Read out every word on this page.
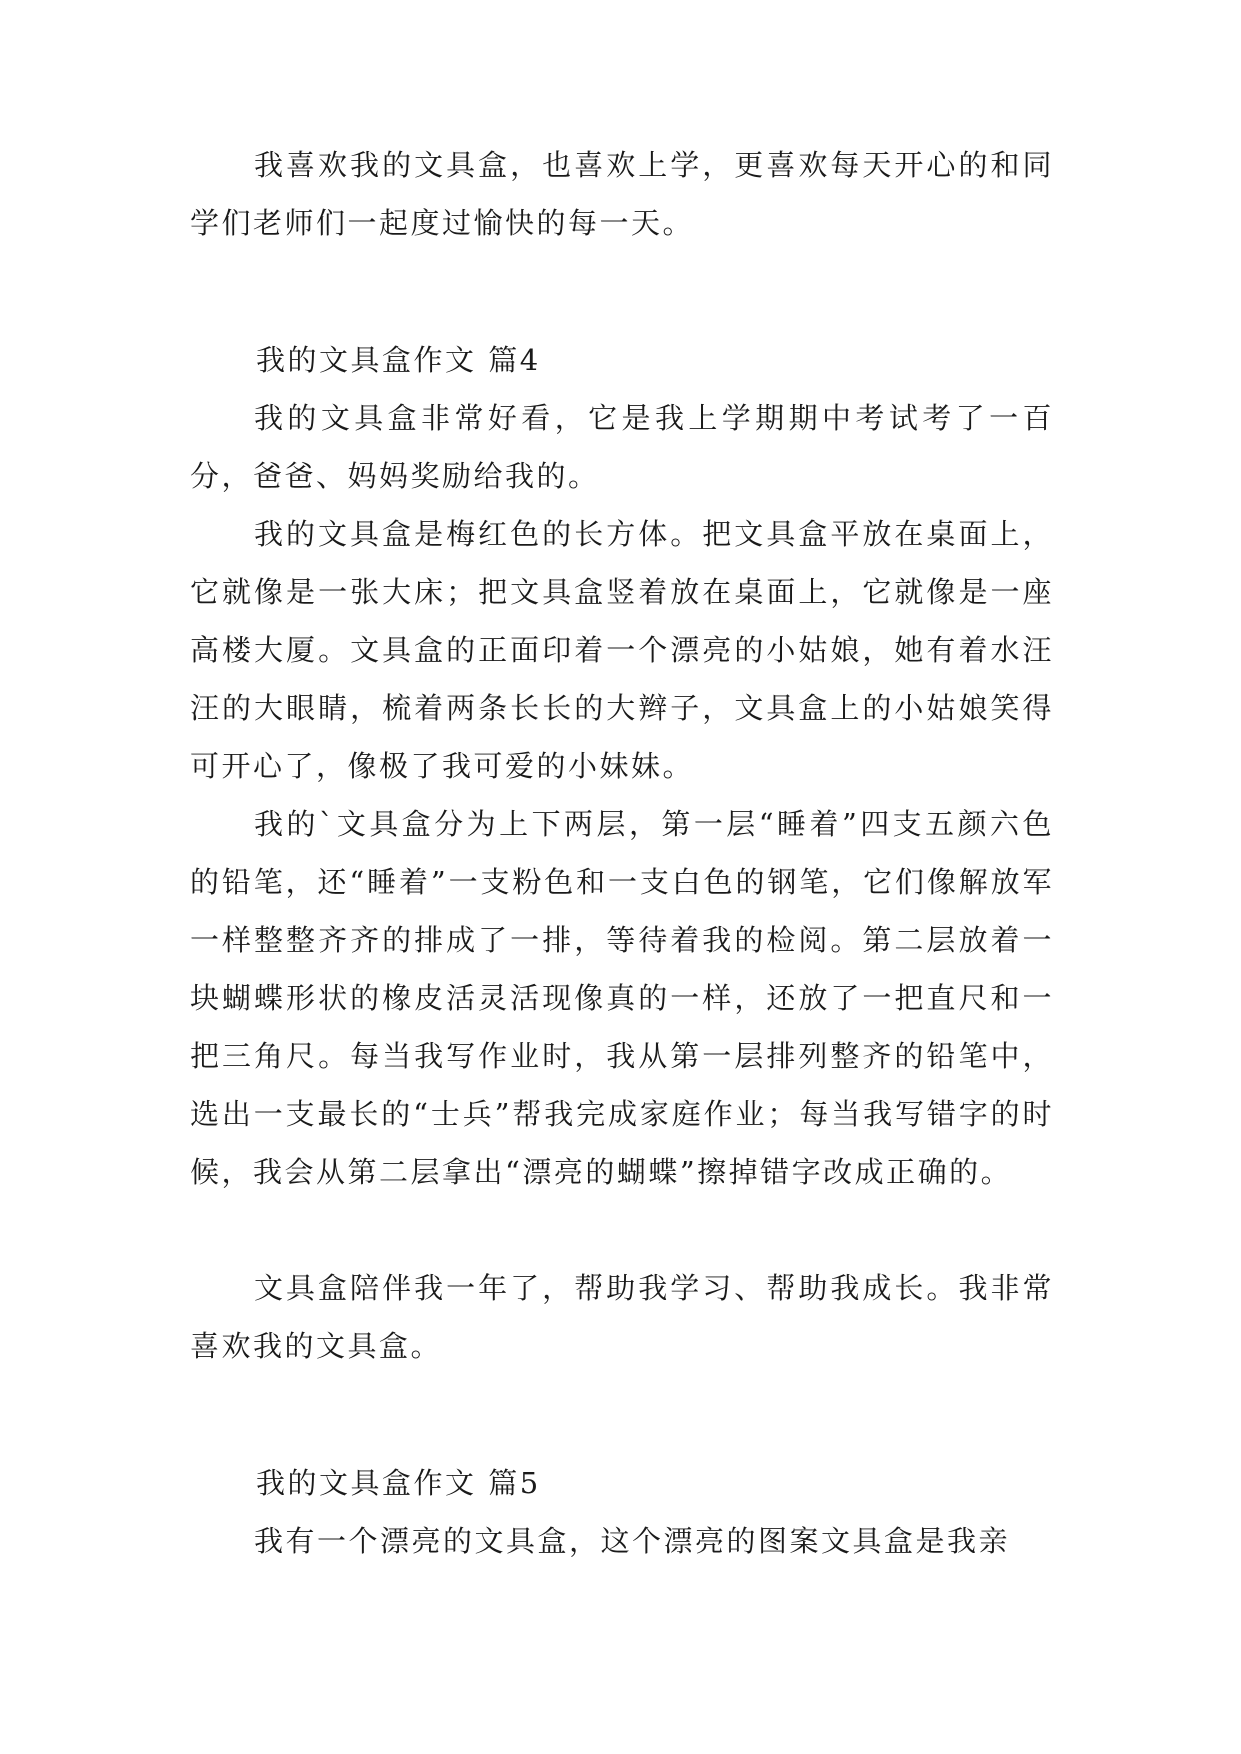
我喜欢我的文具盒，也喜欢上学，更喜欢每天开心的和同学们老师们一起度过愉快的每一天。

我的文具盒作文 篇4

我的文具盒非常好看，它是我上学期期中考试考了一百分，爸爸、妈妈奖励给我的。

我的文具盒是梅红色的长方体。把文具盒平放在桌面上，它就像是一张大床；把文具盒竖着放在桌面上，它就像是一座高楼大厦。文具盒的正面印着一个漂亮的小姑娘，她有着水汪汪的大眼睛，梳着两条长长的大辫子，文具盒上的小姑娘笑得可开心了，像极了我可爱的小妹妹。

我的`文具盒分为上下两层，第一层“睡着”四支五颜六色的铅笔，还“睡着”一支粉色和一支白色的钢笔，它们像解放军一样整整齐齐的排成了一排，等待着我的检阅。第二层放着一块蝴蝶形状的橡皮活灵活现像真的一样，还放了一把直尺和一把三角尺。每当我写作业时，我从第一层排列整齐的铅笔中，选出一支最长的“士兵”帮我完成家庭作业；每当我写错字的时候，我会从第二层拿出“漂亮的蝴蝶”擦掉错字改成正确的。

文具盒陪伴我一年了，帮助我学习、帮助我成长。我非常喜欢我的文具盒。

我的文具盒作文 篇5

我有一个漂亮的文具盒，这个漂亮的图案文具盒是我亲
